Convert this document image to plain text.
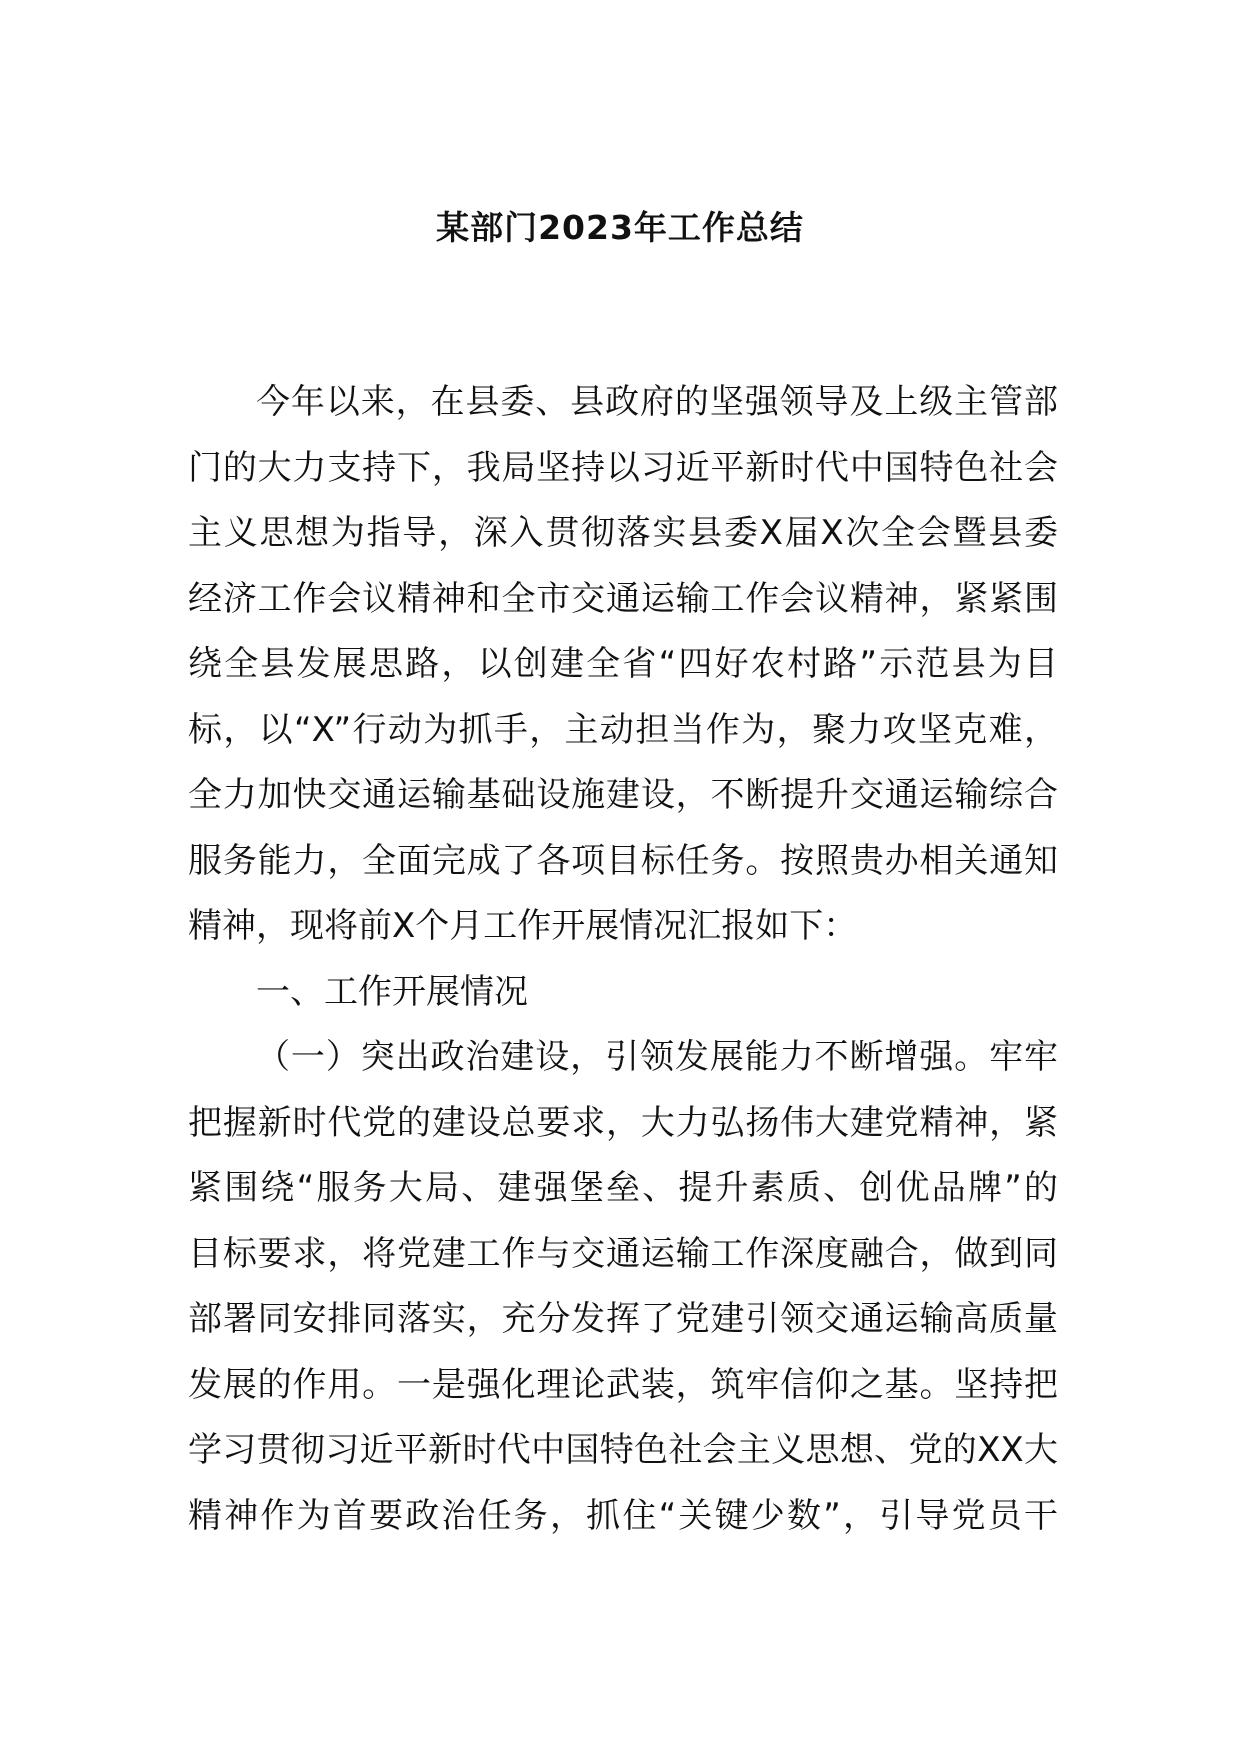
某部门2023年工作总结
今年以来，在县委、县政府的坚强领导及上级主管部
门的大力支持下，我局坚持以习近平新时代中国特色社会
主义思想为指导，深入贯彻落实县委X届X次全会暨县委
经济工作会议精神和全市交通运输工作会议精神，紧紧围
绕全县发展思路，以创建全省“四好农村路”示范县为目
标，以“X”行动为抓手，主动担当作为，聚力攻坚克难，
全力加快交通运输基础设施建设，不断提升交通运输综合
服务能力，全面完成了各项目标任务。按照贵办相关通知
精神，现将前X个月工作开展情况汇报如下：
一、工作开展情况
（一）突出政治建设，引领发展能力不断增强。牢牢
把握新时代党的建设总要求，大力弘扬伟大建党精神，紧
紧围绕“服务大局、建强堡垒、提升素质、创优品牌”的
目标要求，将党建工作与交通运输工作深度融合，做到同
部署同安排同落实，充分发挥了党建引领交通运输高质量
发展的作用。一是强化理论武装，筑牢信仰之基。坚持把
学习贯彻习近平新时代中国特色社会主义思想、党的XX大
精神作为首要政治任务，抓住“关键少数”，引导党员干
